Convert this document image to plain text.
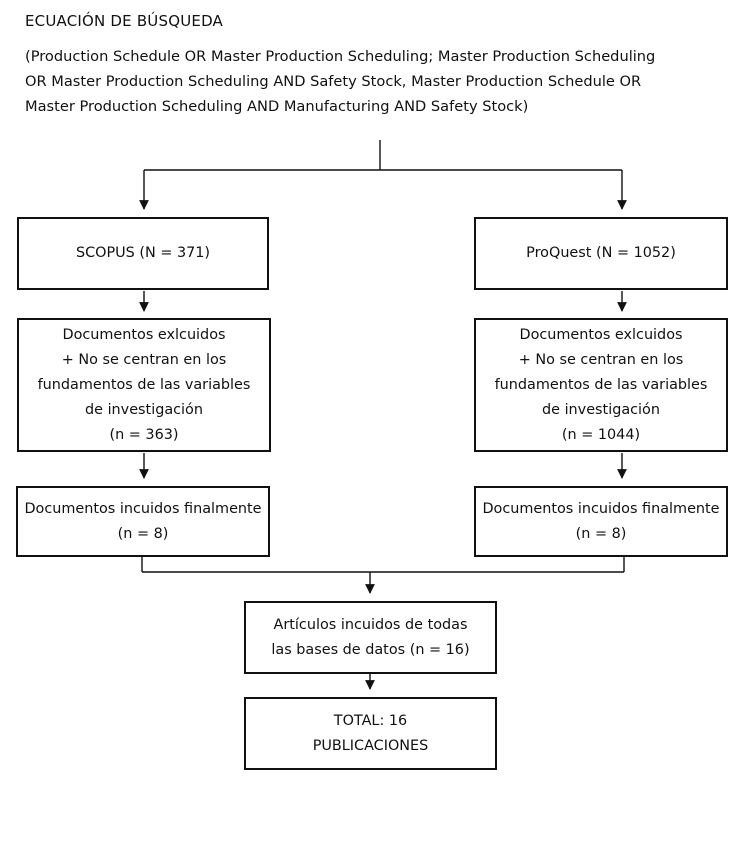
ECUACIÓN DE BÚSQUEDA
(Production Schedule OR Master Production Scheduling; Master Production Scheduling
OR Master Production Scheduling AND Safety Stock, Master Production Schedule OR
Master Production Scheduling AND Manufacturing AND Safety Stock)
SCOPUS (N = 371)
Documentos exlcuidos
+ No se centran en los
fundamentos de las variables
de investigación
(n = 363)
Documentos incuidos finalmente
(n = 8)
ProQuest (N = 1052)
Documentos exlcuidos
+ No se centran en los
fundamentos de las variables
de investigación
(n = 1044)
Documentos incuidos finalmente
(n = 8)
Artículos incuidos de todas
las bases de datos (n = 16)
TOTAL: 16
PUBLICACIONES
